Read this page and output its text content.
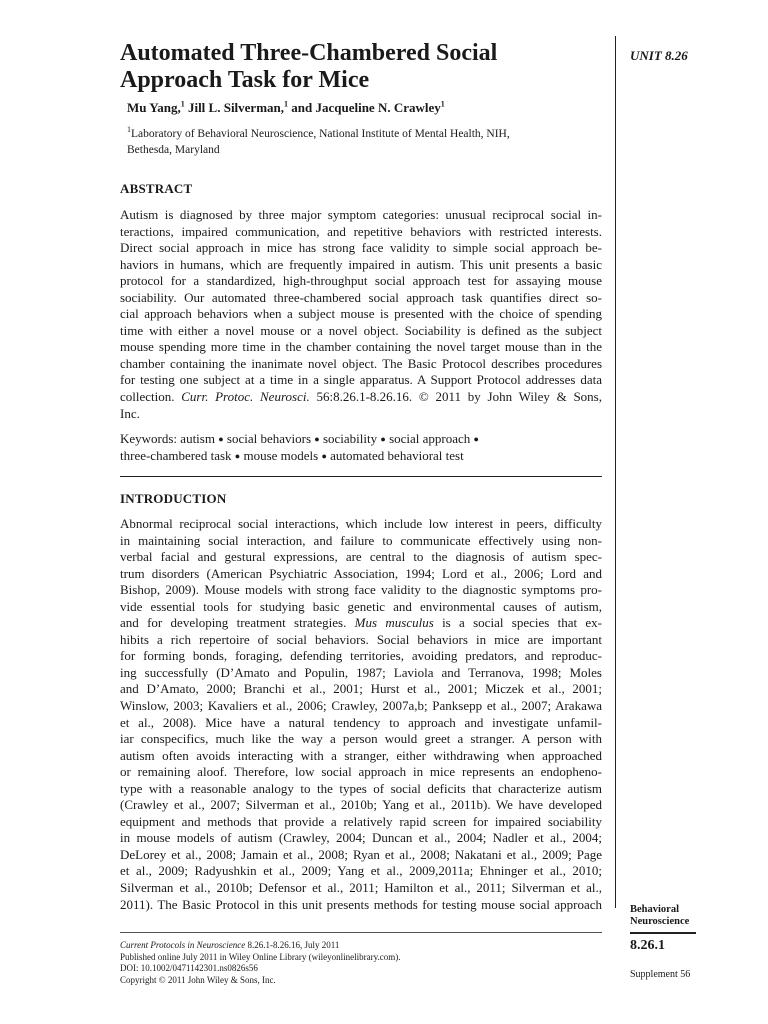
Automated Three-Chambered Social Approach Task for Mice
Mu Yang,$^1$ Jill L. Silverman,$^1$ and Jacqueline N. Crawley$^1$
$^1$Laboratory of Behavioral Neuroscience, National Institute of Mental Health, NIH,
Bethesda, Maryland
ABSTRACT
Autism is diagnosed by three major symptom categories: unusual reciprocal social in-
teractions, impaired communication, and repetitive behaviors with restricted interests.
Direct social approach in mice has strong face validity to simple social approach be-
haviors in humans, which are frequently impaired in autism. This unit presents a basic
protocol for a standardized, high-throughput social approach test for assaying mouse
sociability. Our automated three-chambered social approach task quantifies direct so-
cial approach behaviors when a subject mouse is presented with the choice of spending
time with either a novel mouse or a novel object. Sociability is defined as the subject
mouse spending more time in the chamber containing the novel target mouse than in the
chamber containing the inanimate novel object. The Basic Protocol describes procedures
for testing one subject at a time in a single apparatus. A Support Protocol addresses data
collection. Curr. Protoc. Neurosci. 56:8.26.1-8.26.16. © 2011 by John Wiley & Sons,
Inc.
Keywords: autism ● social behaviors ● sociability ● social approach ●
three-chambered task ● mouse models ● automated behavioral test
INTRODUCTION
Abnormal reciprocal social interactions, which include low interest in peers, difficulty
in maintaining social interaction, and failure to communicate effectively using non-
verbal facial and gestural expressions, are central to the diagnosis of autism spec-
trum disorders (American Psychiatric Association, 1994; Lord et al., 2006; Lord and
Bishop, 2009). Mouse models with strong face validity to the diagnostic symptoms pro-
vide essential tools for studying basic genetic and environmental causes of autism,
and for developing treatment strategies. Mus musculus is a social species that ex-
hibits a rich repertoire of social behaviors. Social behaviors in mice are important
for forming bonds, foraging, defending territories, avoiding predators, and reproduc-
ing successfully (D’Amato and Populin, 1987; Laviola and Terranova, 1998; Moles
and D’Amato, 2000; Branchi et al., 2001; Hurst et al., 2001; Miczek et al., 2001;
Winslow, 2003; Kavaliers et al., 2006; Crawley, 2007a,b; Panksepp et al., 2007; Arakawa
et al., 2008). Mice have a natural tendency to approach and investigate unfamil-
iar conspecifics, much like the way a person would greet a stranger. A person with
autism often avoids interacting with a stranger, either withdrawing when approached
or remaining aloof. Therefore, low social approach in mice represents an endopheno-
type with a reasonable analogy to the types of social deficits that characterize autism
(Crawley et al., 2007; Silverman et al., 2010b; Yang et al., 2011b). We have developed
equipment and methods that provide a relatively rapid screen for impaired sociability
in mouse models of autism (Crawley, 2004; Duncan et al., 2004; Nadler et al., 2004;
DeLorey et al., 2008; Jamain et al., 2008; Ryan et al., 2008; Nakatani et al., 2009; Page
et al., 2009; Radyushkin et al., 2009; Yang et al., 2009,2011a; Ehninger et al., 2010;
Silverman et al., 2010b; Defensor et al., 2011; Hamilton et al., 2011; Silverman et al.,
2011). The Basic Protocol in this unit presents methods for testing mouse social approach
UNIT 8.26
Behavioral
Neuroscience
8.26.1
Supplement 56
Current Protocols in Neuroscience 8.26.1-8.26.16, July 2011
Published online July 2011 in Wiley Online Library (wileyonlinelibrary.com).
DOI: 10.1002/0471142301.ns0826s56
Copyright © 2011 John Wiley & Sons, Inc.
